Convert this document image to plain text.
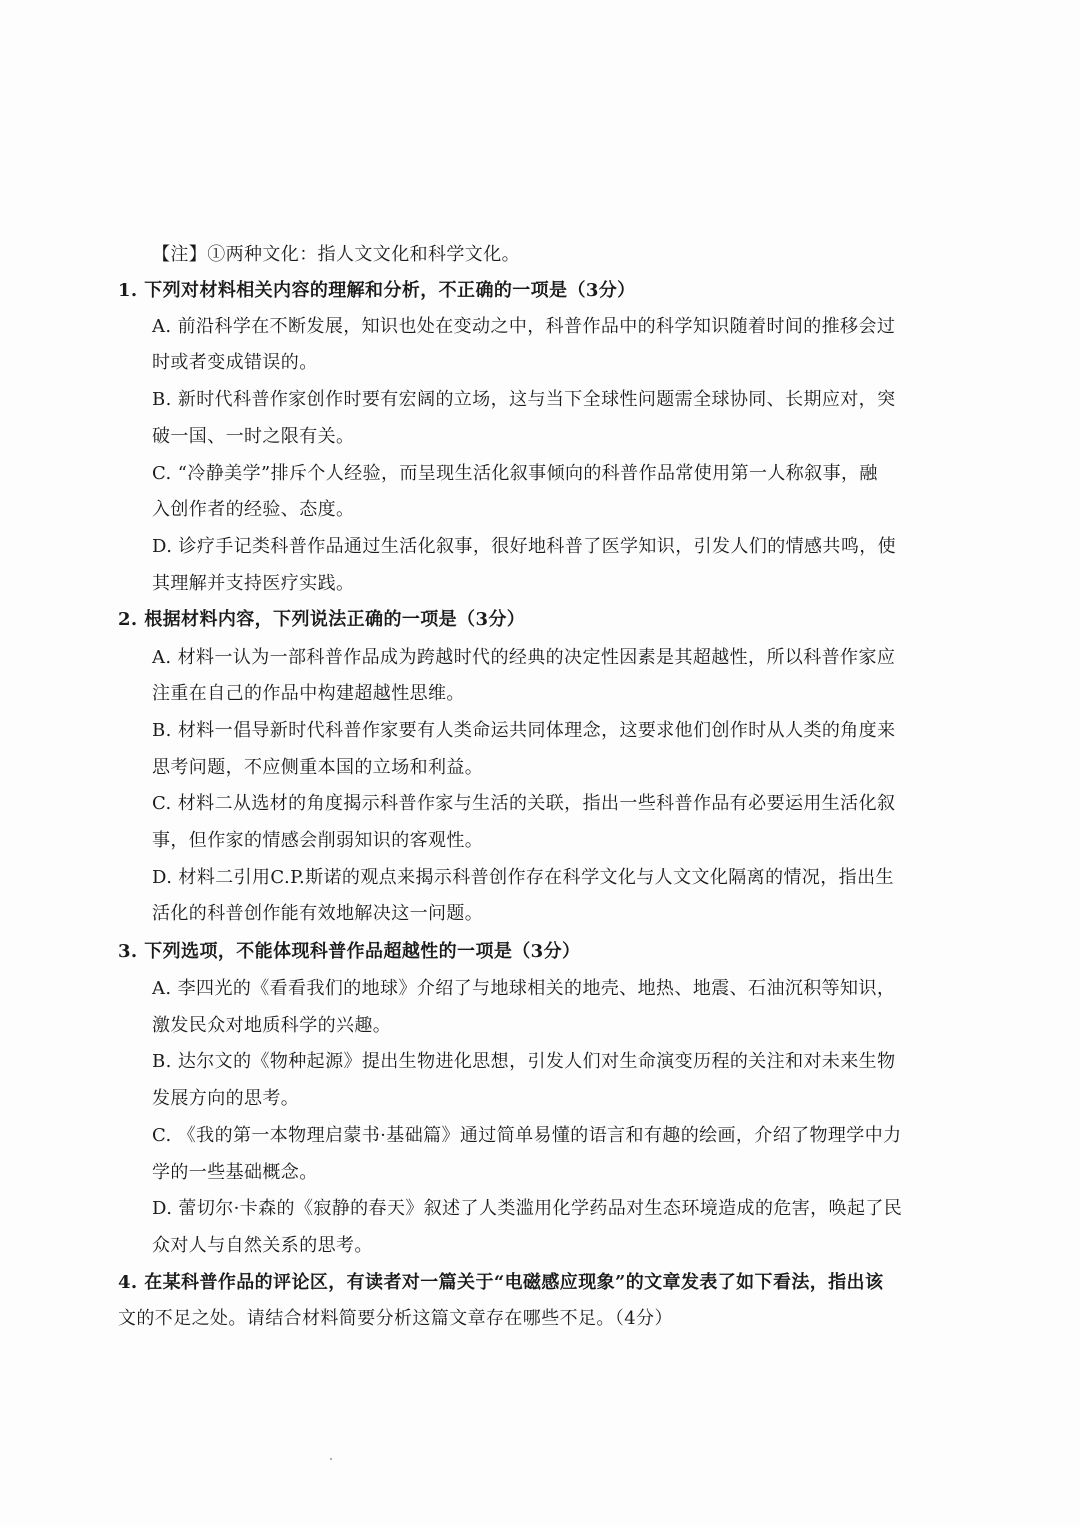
【注】①两种文化：指人文文化和科学文化。
1. 下列对材料相关内容的理解和分析，不正确的一项是（3分）
A. 前沿科学在不断发展，知识也处在变动之中，科普作品中的科学知识随着时间的推移会过
时或者变成错误的。
B. 新时代科普作家创作时要有宏阔的立场，这与当下全球性问题需全球协同、长期应对，突
破一国、一时之限有关。
C. “冷静美学”排斥个人经验，而呈现生活化叙事倾向的科普作品常使用第一人称叙事，融
入创作者的经验、态度。
D. 诊疗手记类科普作品通过生活化叙事，很好地科普了医学知识，引发人们的情感共鸣，使
其理解并支持医疗实践。
2. 根据材料内容，下列说法正确的一项是（3分）
A. 材料一认为一部科普作品成为跨越时代的经典的决定性因素是其超越性，所以科普作家应
注重在自己的作品中构建超越性思维。
B. 材料一倡导新时代科普作家要有人类命运共同体理念，这要求他们创作时从人类的角度来
思考问题，不应侧重本国的立场和利益。
C. 材料二从选材的角度揭示科普作家与生活的关联，指出一些科普作品有必要运用生活化叙
事，但作家的情感会削弱知识的客观性。
D. 材料二引用C.P.斯诺的观点来揭示科普创作存在科学文化与人文文化隔离的情况，指出生
活化的科普创作能有效地解决这一问题。
3. 下列选项，不能体现科普作品超越性的一项是（3分）
A. 李四光的《看看我们的地球》介绍了与地球相关的地壳、地热、地震、石油沉积等知识，
激发民众对地质科学的兴趣。
B. 达尔文的《物种起源》提出生物进化思想，引发人们对生命演变历程的关注和对未来生物
发展方向的思考。
C. 《我的第一本物理启蒙书·基础篇》通过简单易懂的语言和有趣的绘画，介绍了物理学中力
学的一些基础概念。
D. 蕾切尔·卡森的《寂静的春天》叙述了人类滥用化学药品对生态环境造成的危害，唤起了民
众对人与自然关系的思考。
4. 在某科普作品的评论区，有读者对一篇关于“电磁感应现象”的文章发表了如下看法，指出该
文的不足之处。请结合材料简要分析这篇文章存在哪些不足。（4分）
